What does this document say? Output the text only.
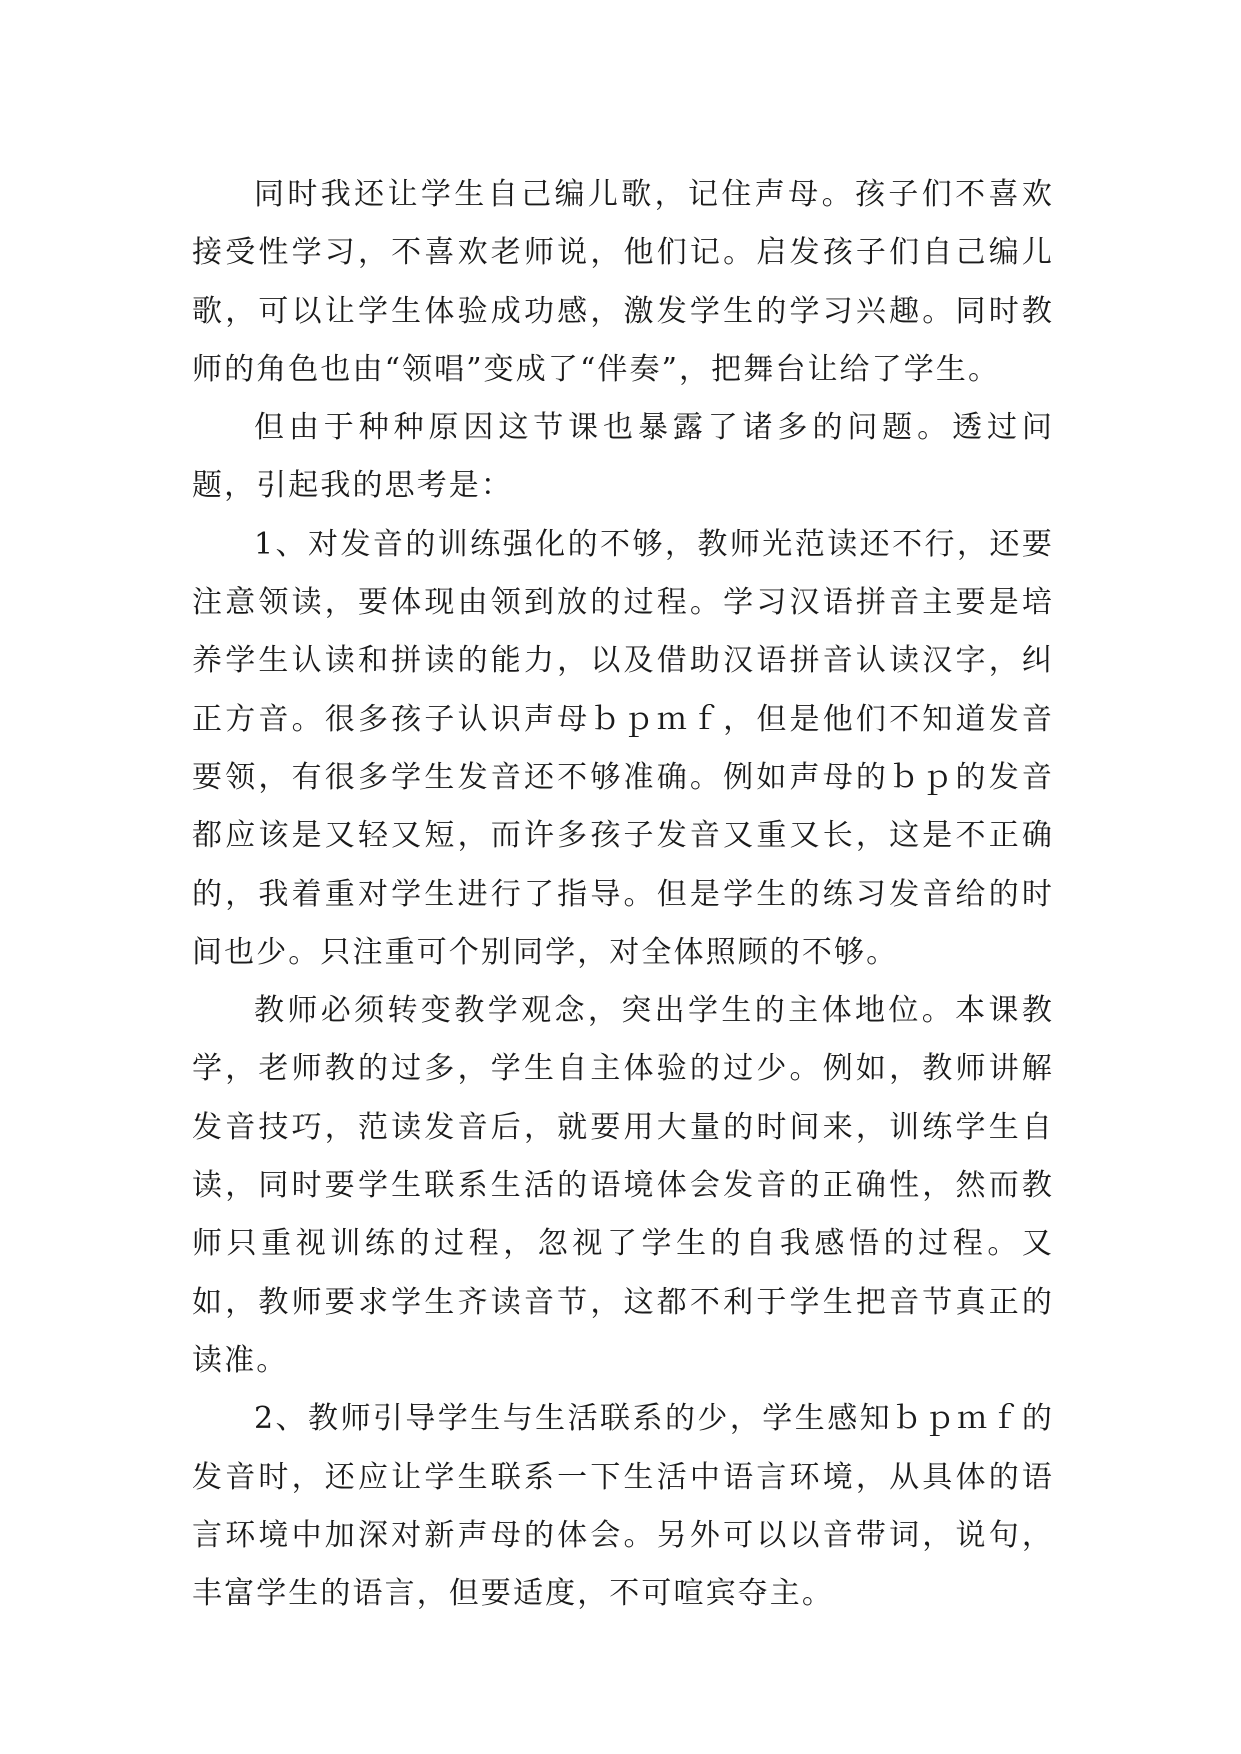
同时我还让学生自己编儿歌，记住声母。孩子们不喜欢接受性学习，不喜欢老师说，他们记。启发孩子们自己编儿歌，可以让学生体验成功感，激发学生的学习兴趣。同时教师的角色也由“领唱”变成了“伴奏”，把舞台让给了学生。

但由于种种原因这节课也暴露了诸多的问题。透过问题，引起我的思考是：

1、对发音的训练强化的不够，教师光范读还不行，还要注意领读，要体现由领到放的过程。学习汉语拼音主要是培养学生认读和拼读的能力，以及借助汉语拼音认读汉字，纠正方音。很多孩子认识声母ｂｐｍｆ，但是他们不知道发音要领，有很多学生发音还不够准确。例如声母的ｂｐ的发音都应该是又轻又短，而许多孩子发音又重又长，这是不正确的，我着重对学生进行了指导。但是学生的练习发音给的时间也少。只注重可个别同学，对全体照顾的不够。

教师必须转变教学观念，突出学生的主体地位。本课教学，老师教的过多，学生自主体验的过少。例如，教师讲解发音技巧，范读发音后，就要用大量的时间来，训练学生自读，同时要学生联系生活的语境体会发音的正确性，然而教师只重视训练的过程，忽视了学生的自我感悟的过程。又如，教师要求学生齐读音节，这都不利于学生把音节真正的读准。

2、教师引导学生与生活联系的少，学生感知ｂｐｍｆ的发音时，还应让学生联系一下生活中语言环境，从具体的语言环境中加深对新声母的体会。另外可以以音带词，说句，丰富学生的语言，但要适度，不可喧宾夺主。
